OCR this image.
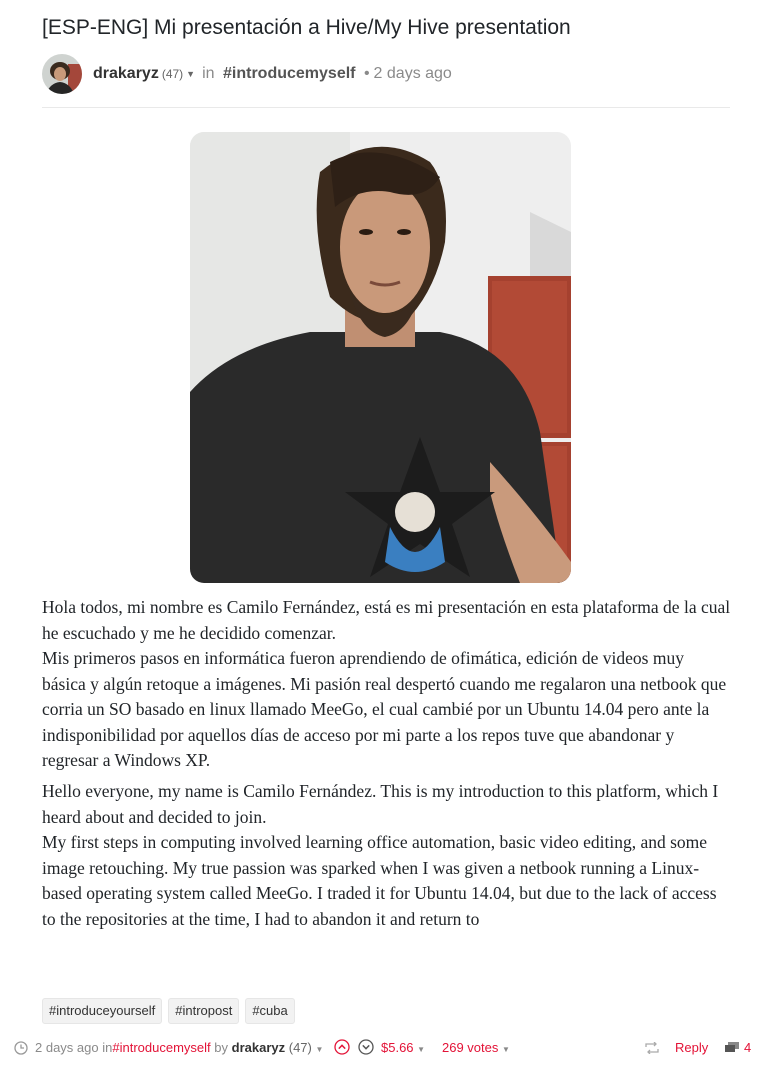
[ESP-ENG] Mi presentación a Hive/My Hive presentation
drakaryz (47) ▼ in #introducemyself • 2 days ago

Hola todos, mi nombre es Camilo Fernández, está es mi presentación en esta plataforma de la cual he escuchado y me he decidido comenzar.

Mis primeros pasos en informática fueron aprendiendo de ofimática, edición de videos muy básica y algún retoque a imágenes. Mi pasión real despertó cuando me regalaron una netbook que corria un SO basado en linux llamado MeeGo, el cual cambié por un Ubuntu 14.04 pero ante la indisponibilidad por aquellos días de acceso por mi parte a los repos tuve que abandonar y regresar a Windows XP.

Hello everyone, my name is Camilo Fernández. This is my introduction to this platform, which I heard about and decided to join.

My first steps in computing involved learning office automation, basic video editing, and some image retouching. My true passion was sparked when I was given a netbook running a Linux-based operating system called MeeGo. I traded it for Ubuntu 14.04, but due to the lack of access to the repositories at the time, I had to abandon it and return to

#introduceyourself	#intropost	#cuba
2 days ago in#introducemyself by drakaryz (47) ▼	$5.66 ▼ 269 votes ▼	Reply	4
